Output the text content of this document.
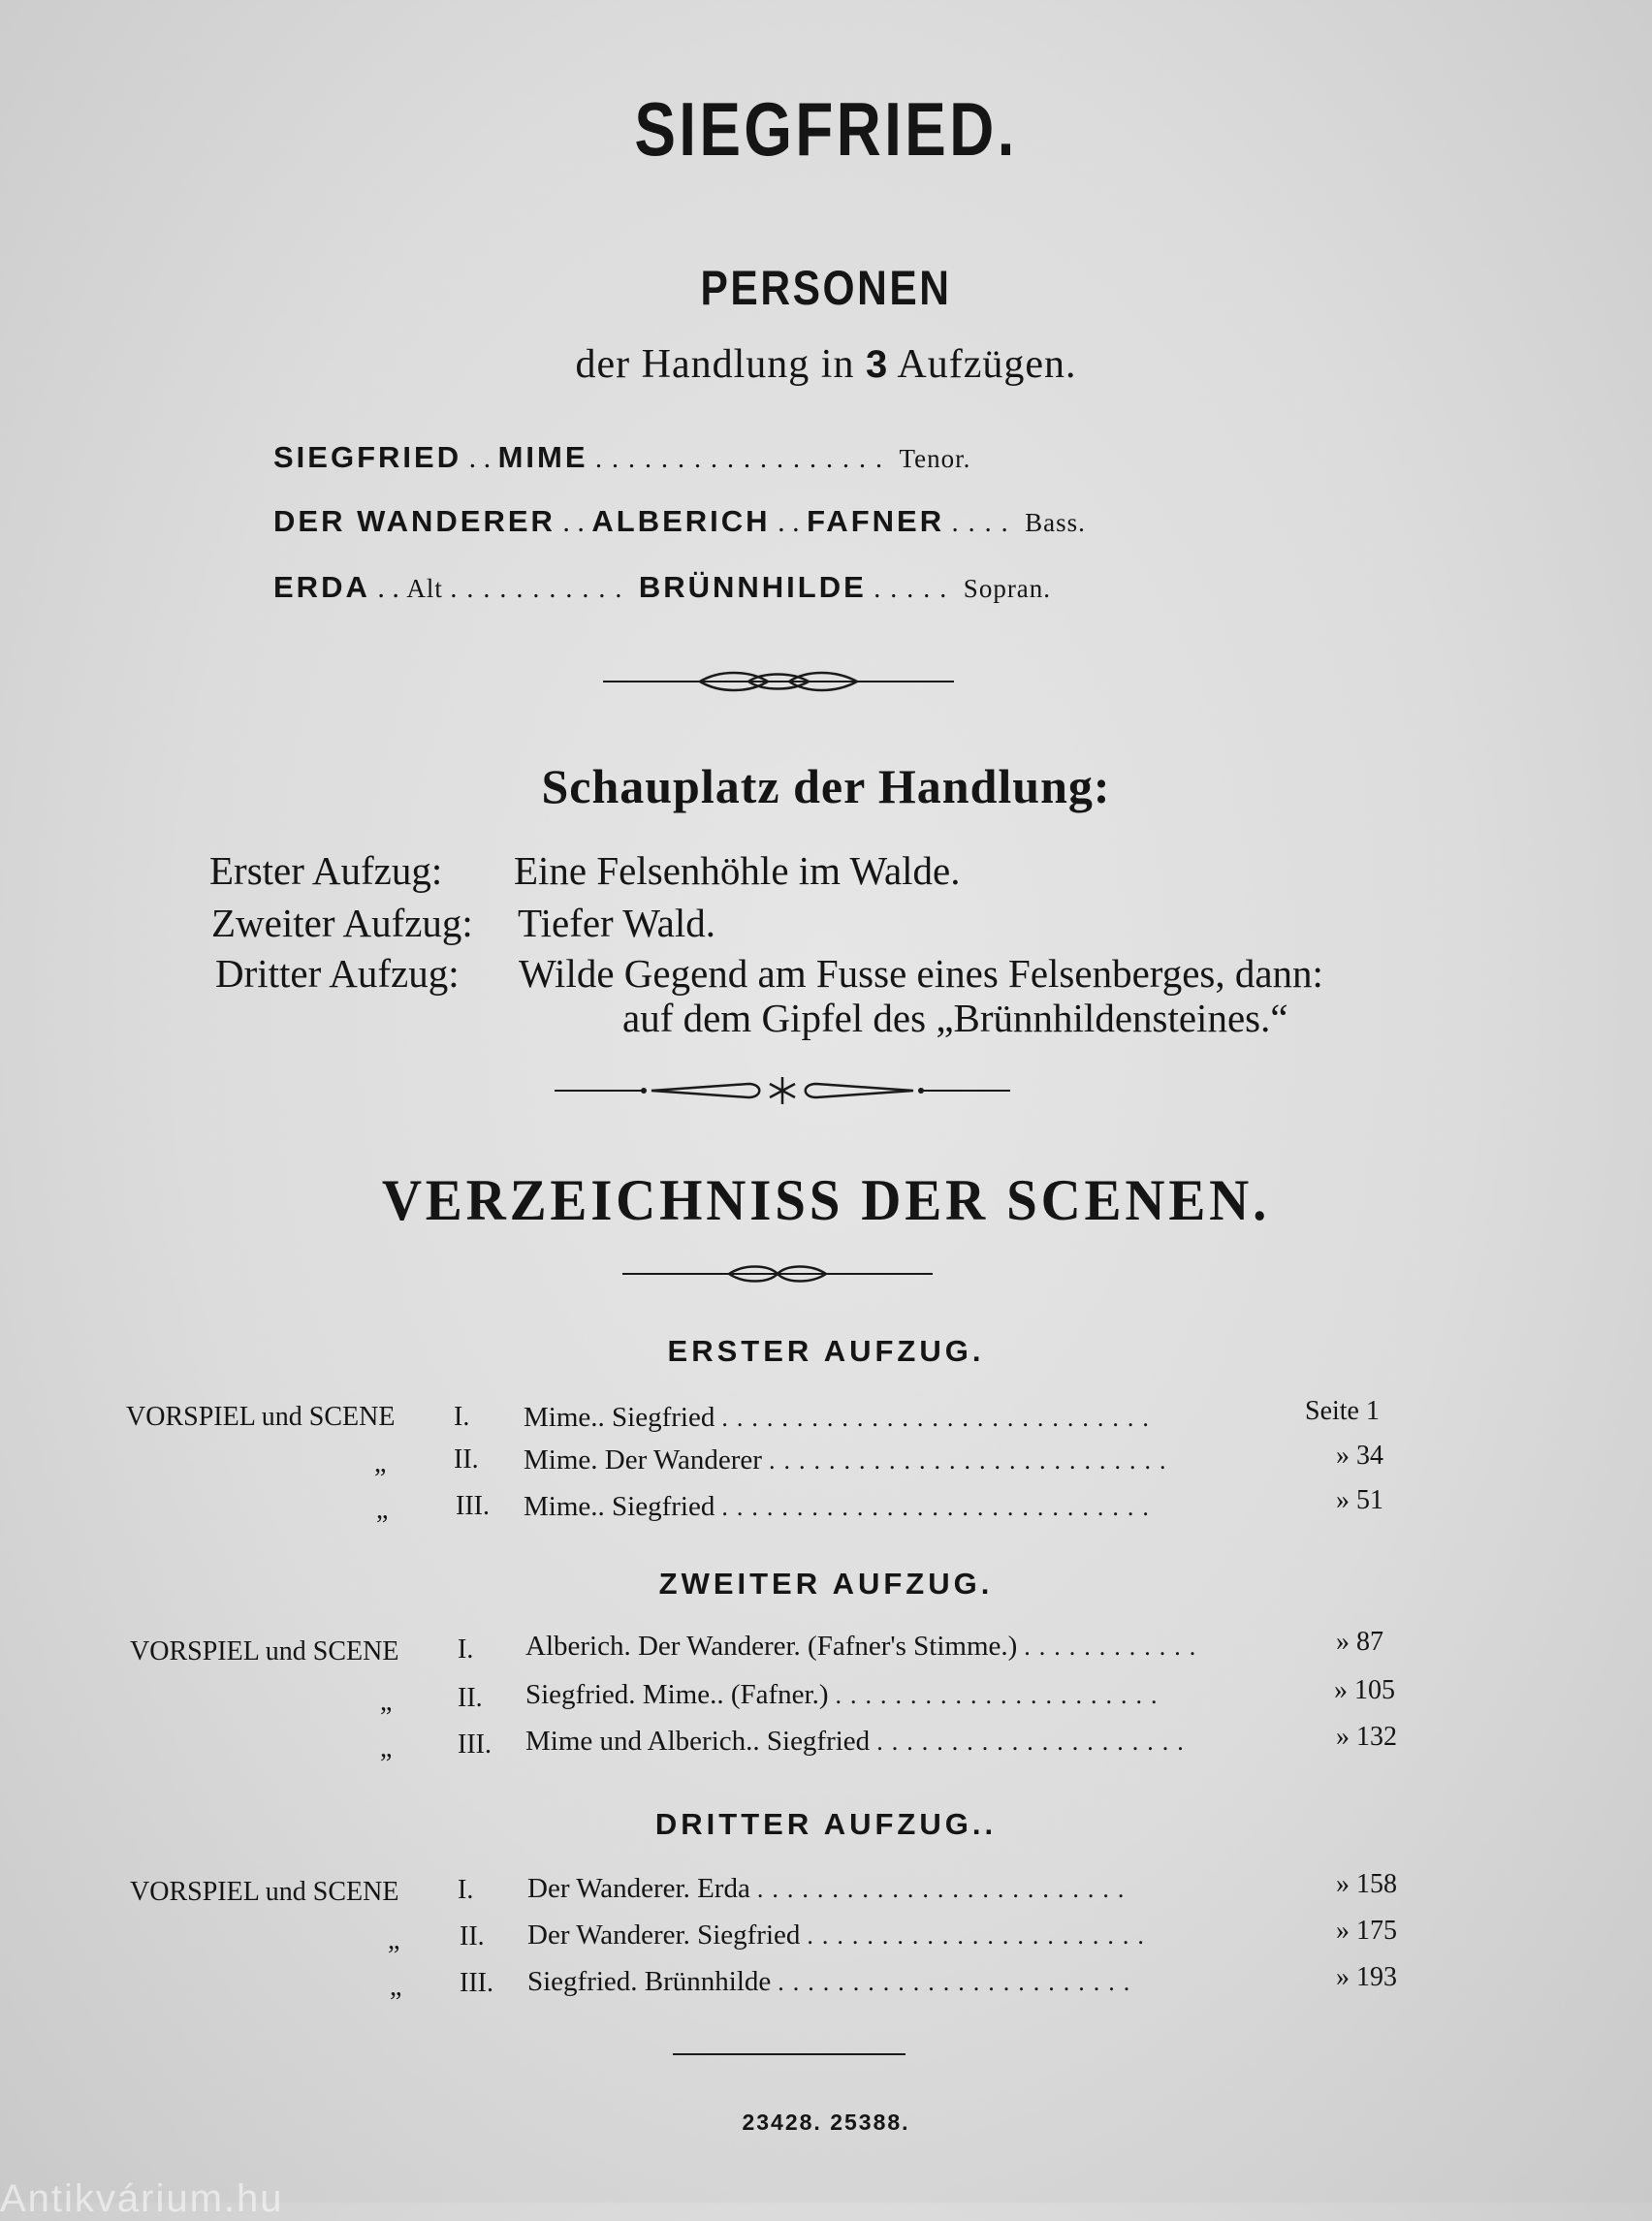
SIEGFRIED.
PERSONEN
der Handlung in 3 Aufzügen.
SIEGFRIED . . MIME .................. Tenor.
DER WANDERER . . ALBERICH . . FAFNER .... Bass.
ERDA . . Alt ........... BRÜNNHILDE ..... Sopran.
Schauplatz der Handlung:
Erster Aufzug: Eine Felsenhöhle im Walde.
Zweiter Aufzug: Tiefer Wald.
Dritter Aufzug: Wilde Gegend am Fusse eines Felsenberges, dann:
auf dem Gipfel des „Brünnhildensteines.“
VERZEICHNISS DER SCENEN.
ERSTER AUFZUG.
VORSPIEL und SCENE I. Mime.. Siegfried .............................	Seite 1
„ II. Mime. Der Wanderer ...........................	» 34
„ III. Mime.. Siegfried .............................	» 51
ZWEITER AUFZUG.
VORSPIEL und SCENE I. Alberich. Der Wanderer. (Fafner's Stimme.) ............	» 87
„ II. Siegfried. Mime.. (Fafner.) ......................	» 105
„ III. Mime und Alberich.. Siegfried .....................	» 132
DRITTER AUFZUG..
VORSPIEL und SCENE I. Der Wanderer. Erda .........................	» 158
„ II. Der Wanderer. Siegfried .......................	» 175
„ III. Siegfried. Brünnhilde ........................	» 193
23428. 25388.
Antikvárium.hu
